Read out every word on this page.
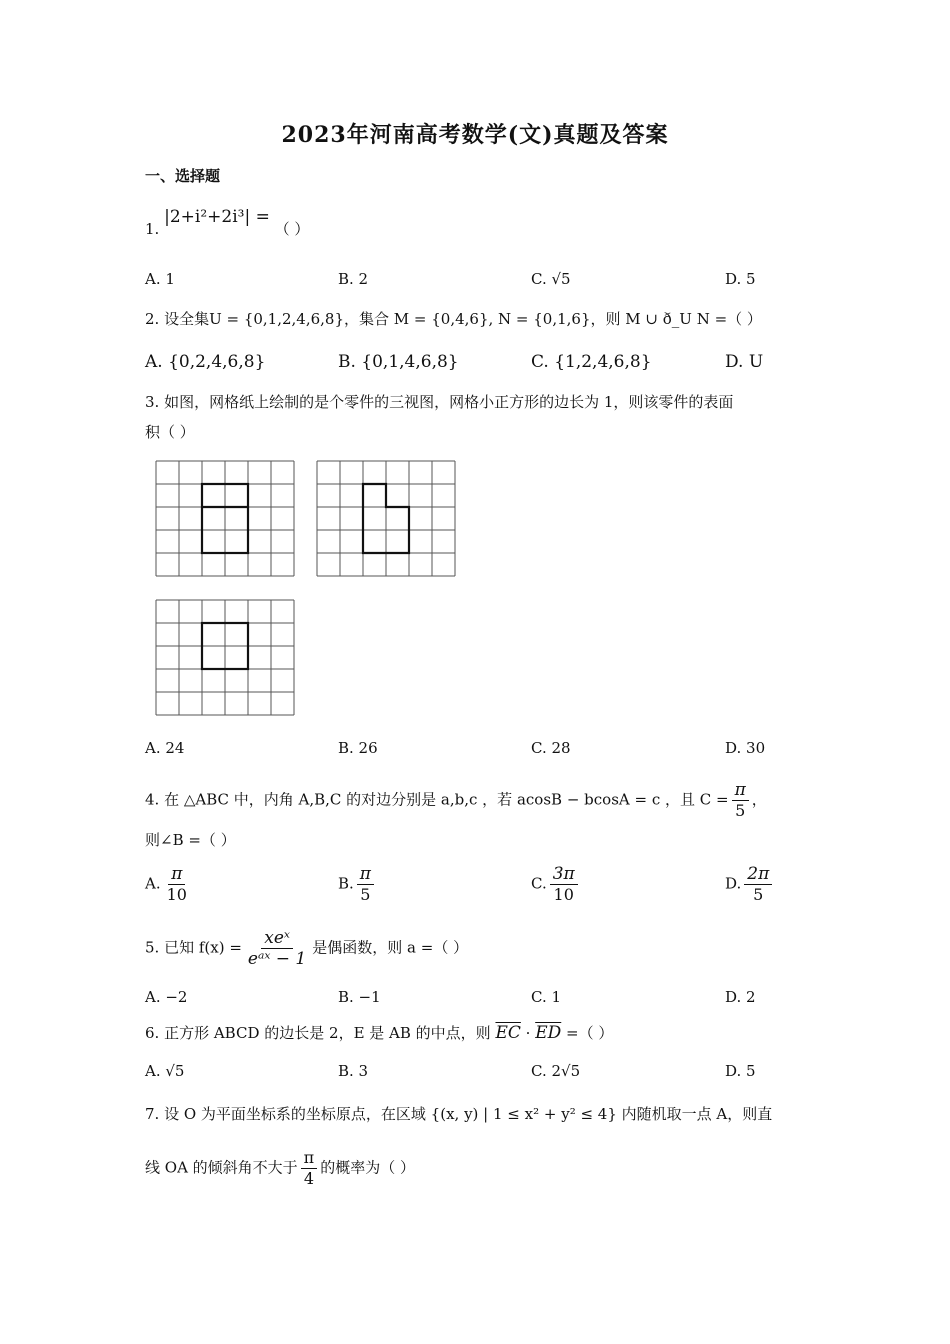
2023年河南高考数学(文)真题及答案
一、选择题
1. |2+i²+2i³| = （ ）
A. 1	B. 2	C. √5	D. 5
2. 设全集U = {0,1,2,4,6,8}，集合 M = {0,4,6}, N = {0,1,6}，则 M ∪ ð_U N =（ ）
A. {0,2,4,6,8}	B. {0,1,4,6,8}	C. {1,2,4,6,8}	D. U
3. 如图，网格纸上绘制的是个零件的三视图，网格小正方形的边长为 1，则该零件的表面
积（ ）
A. 24	B. 26	C. 28	D. 30
4. 在 △ABC 中，内角 A,B,C 的对边分别是 a,b,c ，若 acosB − bcosA = c ，且 $C = \frac{\pi}{5}$ ，
则∠B =（ ）
A. $\frac{\pi}{10}$	B. $\frac{\pi}{5}$	C. $\frac{3\pi}{10}$	D. $\frac{2\pi}{5}$
5. 已知 $f(x) = \frac{\text{xeˣ}}{\text{eᵃˣ − 1}}$ 是偶函数，则 a =（ ）
A. −2	B. −1	C. 1	D. 2
6. 正方形 ABCD 的边长是 2，E 是 AB 的中点，则 $\overline{EC} \cdot \overline{ED}$ =（ ）
A. √5	B. 3	C. 2√5	D. 5
7. 设 O 为平面坐标系的坐标原点，在区域 {(x, y) | 1 ≤ x² + y² ≤ 4} 内随机取一点 A，则直
线 OA 的倾斜角不大于 $\frac{\pi}{4}$ 的概率为（ ）
